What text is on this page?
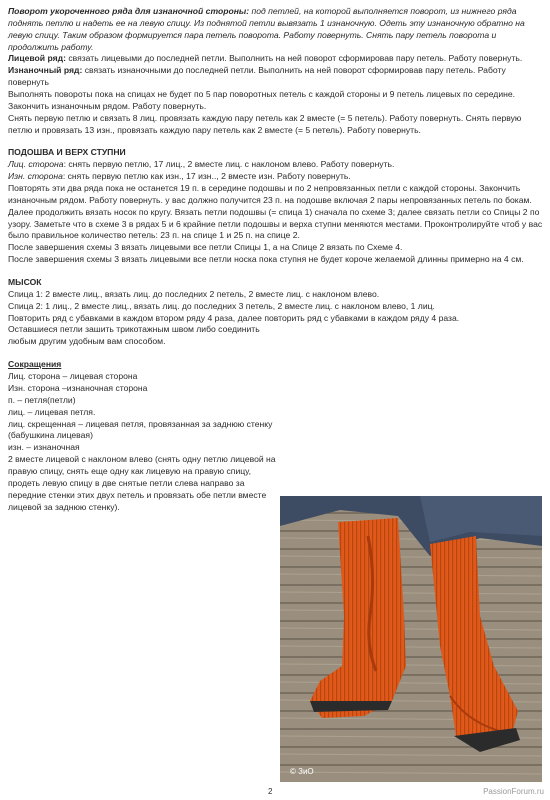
Поворот укороченного ряда для изнаночной стороны: под петлей, на которой выполняется поворот, из нижнего ряда поднять петлю и надеть ее на левую спицу. Из поднятой петли вывязать 1 изнаночную. Одеть эту изнаночную обратно на левую спицу. Таким образом формируется пара петель поворота. Работу повернуть. Снять пару петель поворота и продолжить работу.

Лицевой ряд: связать лицевыми до последней петли. Выполнить на ней поворот сформировав пару петель. Работу повернуть.

Изнаночный ряд: связать изнаночными до последней петли. Выполнить на ней поворот сформировав пару петель. Работу повернуть

Выполнять повороты пока на спицах не будет по 5 пар поворотных петель с каждой стороны и 9 петель лицевых по середине.

Закончить изнаночным рядом. Работу повернуть.

Снять первую петлю и связать 8 лиц. провязать каждую пару петель как 2 вместе (= 5 петель). Работу повернуть. Снять первую петлю и провязать 13 изн., провязать каждую пару петель как 2 вместе (= 5 петель). Работу повернуть.

ПОДОШВА И ВЕРХ СТУПНИ

Лиц. сторона: снять первую петлю, 17 лиц., 2 вместе лиц. с наклоном влево. Работу повернуть.

Изн. сторона: снять первую петлю как изн., 17 изн.., 2 вместе изн. Работу повернуть.

Повторять эти два ряда пока не останется 19 п. в середине подошвы и по 2 непровязанных петли с каждой стороны. Закончить изнаночным рядом. Работу повернуть. у вас должно получится 23 п. на подошве включая 2 пары непровязанных петель по бокам.

Далее продолжить вязать носок по кругу. Вязать петли подошвы (= спица 1) сначала по схеме 3; далее связать петли со Спицы 2 по узору. Заметьте что в схеме 3 в рядах 5 и 6 крайние петли подошвы и верха ступни меняются местами. Проконтролируйте чтоб у вас было правильное количество петель: 23 п. на спице 1 и 25 п. на спице 2.

После завершения схемы 3 вязать лицевыми все петли Спицы 1, а на Спице 2 вязать по Схеме 4.

После завершения схемы 3 вязать лицевыми все петли носка пока ступня не будет короче желаемой длинны примерно на 4 см.

МЫСОК

Спица 1: 2 вместе лиц., вязать лиц. до последних 2 петель, 2 вместе лиц. с наклоном влево.

Спица 2: 1 лиц., 2 вместе лиц., вязать лиц. до последних 3 петель, 2 вместе лиц. с наклоном влево, 1 лиц.

Повторить ряд с убавками в каждом втором ряду 4 раза, далее повторить ряд с убавками в каждом ряду 4 раза.

Оставшиеся петли зашить трикотажным швом либо соединить любым другим удобным вам способом.

Сокращения

Лиц. сторона – лицевая сторона

Изн. сторона –изнаночная сторона

п. – петля(петли)

лиц. – лицевая петля.

лиц. скрещенная – лицевая петля, провязанная за заднюю стенку (бабушкина лицевая)

изн. – изнаночная

2 вместе лицевой с наклоном влево (снять одну петлю лицевой на правую спицу, снять еще одну как лицевую на правую спицу, продеть левую спицу в две снятые петли слева направо за передние стенки этих двух петель и провязать обе петли вместе лицевой за заднюю стенку).

© ЗиО
2	PassionForum.ru
